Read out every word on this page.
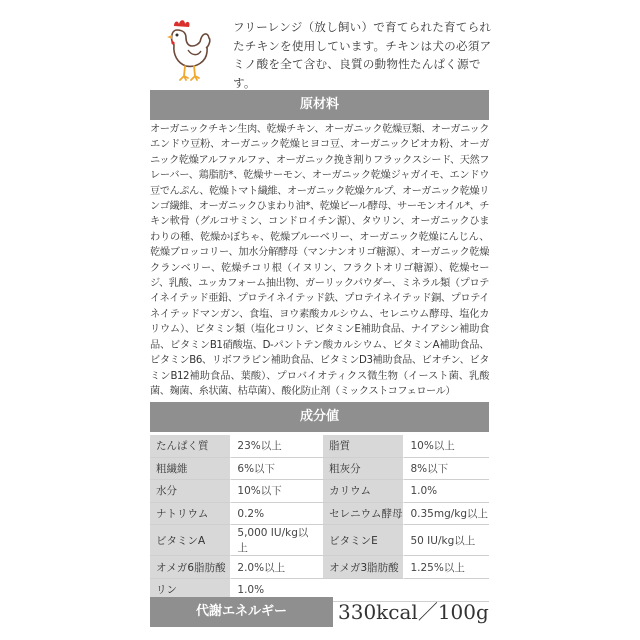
フリーレンジ（放し飼い）で育てられた育てられたチキンを使用しています。チキンは犬の必須アミノ酸を全て含む、良質の動物性たんぱく源です。
原材料
オーガニックチキン生肉、乾燥チキン、オーガニック乾燥豆類、オーガニックエンドウ豆粉、オーガニック乾燥ヒヨコ豆、オーガニックピオカ粉、オーガニック乾燥アルファルファ、オーガニック挽き割りフラックスシード、天然フレーバー、鶏脂肪*、乾燥サーモン、オーガニック乾燥ジャガイモ、エンドウ豆でんぷん、乾燥トマト繊維、オーガニック乾燥ケルプ、オーガニック乾燥リンゴ繊維、オーガニックひまわり油*、乾燥ビール酵母、サーモンオイル*、チキン軟骨（グルコサミン、コンドロイチン源）、タウリン、オーガニックひまわりの種、乾燥かぼちゃ、乾燥ブルーベリー、オーガニック乾燥にんじん、乾燥ブロッコリー、加水分解酵母（マンナンオリゴ糖源）、オーガニック乾燥クランベリー、乾燥チコリ根（イヌリン、フラクトオリゴ糖源）、乾燥セージ、乳酸、ユッカフォーム抽出物、ガーリックパウダー、ミネラル類（プロテイネイテッド亜鉛、プロテイネイテッド鉄、プロテイネイテッド銅、プロテイネイテッドマンガン、食塩、ヨウ素酸カルシウム、セレニウム酵母、塩化カリウム）、ビタミン類（塩化コリン、ビタミンE補助食品、ナイアシン補助食品、ビタミンB1硝酸塩、D-パントテン酸カルシウム、ビタミンA補助食品、ビタミンB6、リボフラビン補助食品、ビタミンD3補助食品、ビオチン、ビタミンB12補助食品、葉酸）、プロバイオティクス微生物（イースト菌、乳酸菌、麹菌、糸状菌、枯草菌）、酸化防止剤（ミックストコフェロール）
成分値
たんぱく質	23%以上		脂質	10%以上
粗繊維	6%以下		粗灰分	8%以下
水分	10%以下		カリウム	1.0%
ナトリウム	0.2%		セレニウム酵母	0.35mg/kg以上
ビタミンA	5,000 IU/kg以上		ビタミンE	50 IU/kg以上
オメガ6脂肪酸	2.0%以上		オメガ3脂肪酸	1.25%以上
リン	1.0%			
代謝エネルギー	330kcal／100g
